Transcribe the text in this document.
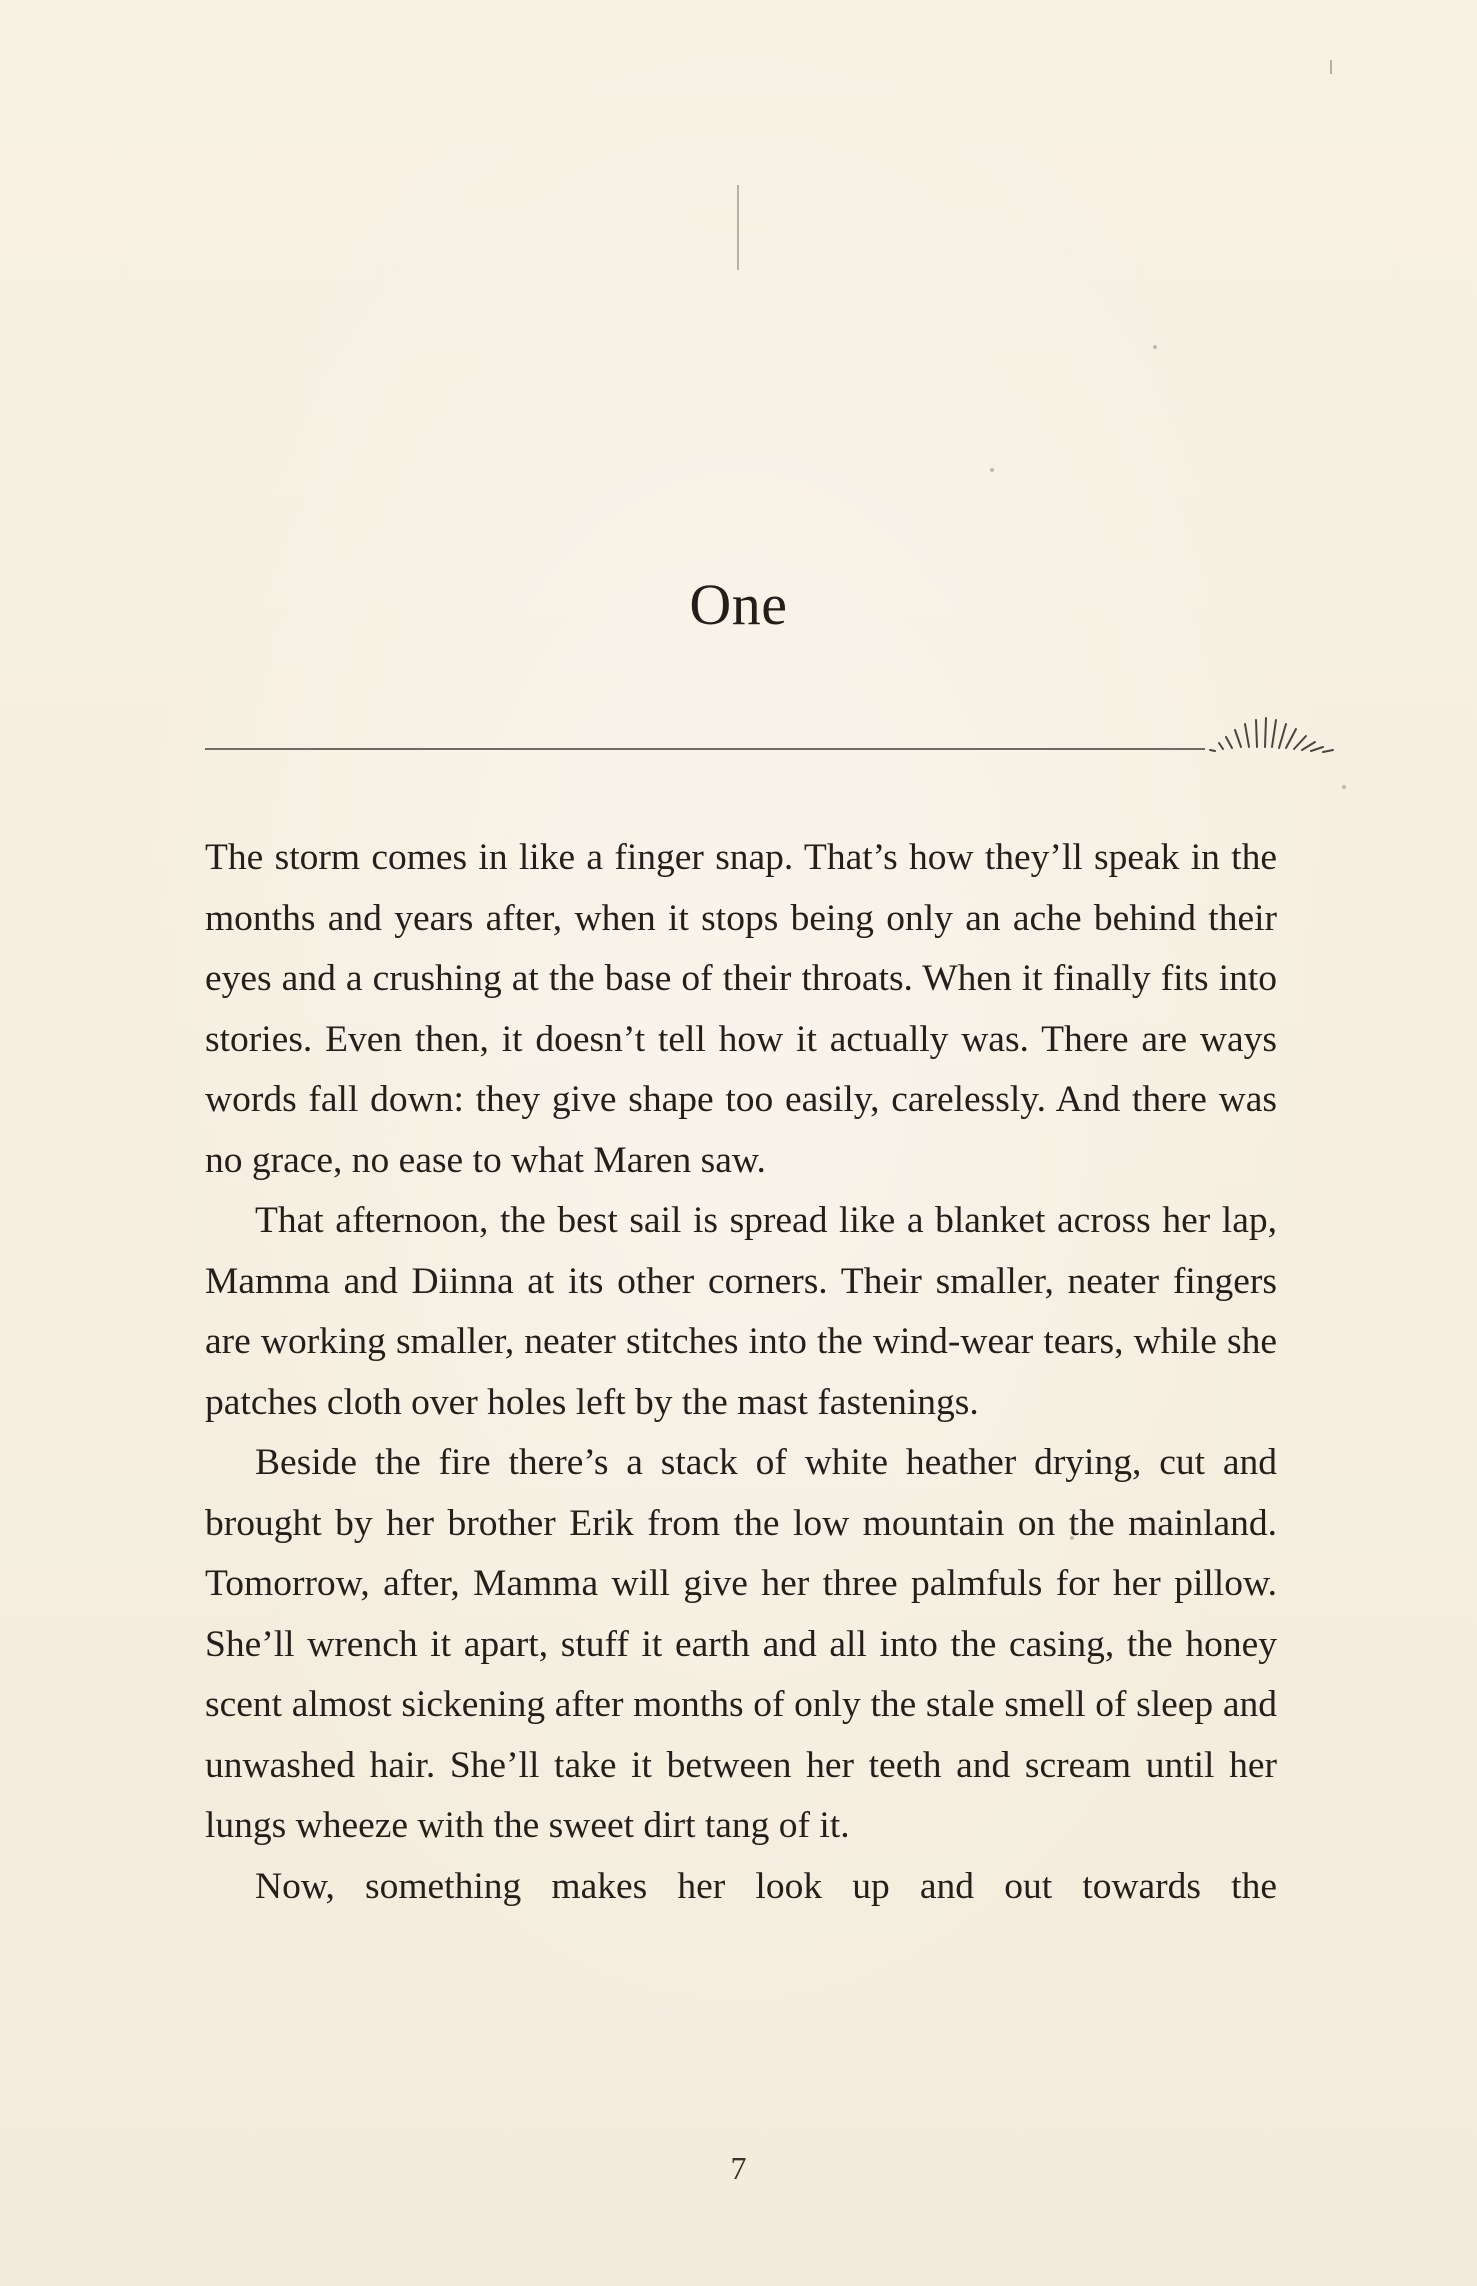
One

The storm comes in like a finger snap. That’s how they’ll speak in the months and years after, when it stops being only an ache behind their eyes and a crushing at the base of their throats. When it finally fits into stories. Even then, it doesn’t tell how it actually was. There are ways words fall down: they give shape too easily, carelessly. And there was no grace, no ease to what Maren saw.

That afternoon, the best sail is spread like a blanket across her lap, Mamma and Diinna at its other corners. Their smaller, neater fingers are working smaller, neater stitches into the wind-wear tears, while she patches cloth over holes left by the mast fastenings.

Beside the fire there’s a stack of white heather drying, cut and brought by her brother Erik from the low mountain on the mainland. Tomorrow, after, Mamma will give her three palmfuls for her pillow. She’ll wrench it apart, stuff it earth and all into the casing, the honey scent almost sickening after months of only the stale smell of sleep and unwashed hair. She’ll take it between her teeth and scream until her lungs wheeze with the sweet dirt tang of it.

Now, something makes her look up and out towards the

7
